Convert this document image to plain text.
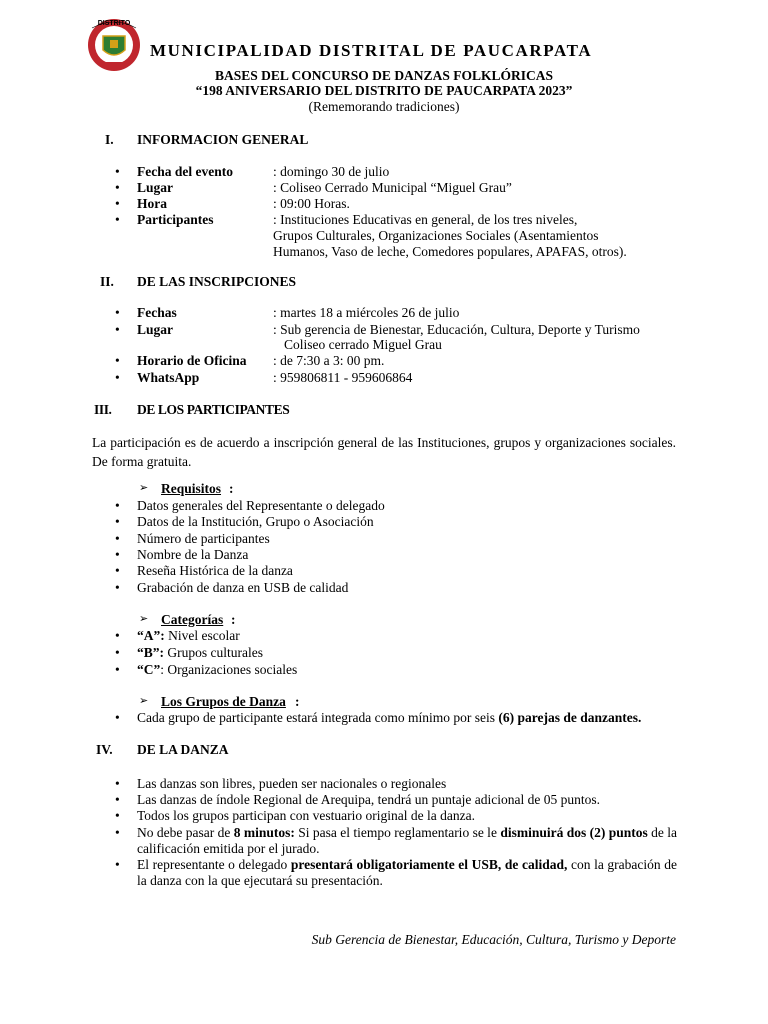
DISTRITO
MUNICIPALIDAD DISTRITAL DE PAUCARPATA
BASES DEL CONCURSO DE DANZAS FOLKLÓRICAS
“198 ANIVERSARIO DEL DISTRITO DE PAUCARPATA 2023”
(Rememorando tradiciones)
I. INFORMACION GENERAL
• Fecha del evento	: domingo 30 de julio
• Lugar	: Coliseo Cerrado Municipal “Miguel Grau”
• Hora	: 09:00 Horas.
• Participantes	: Instituciones Educativas en general, de los tres niveles,
Grupos Culturales, Organizaciones Sociales (Asentamientos
Humanos, Vaso de leche, Comedores populares, APAFAS, otros).
II. DE LAS INSCRIPCIONES
• Fechas	: martes 18 a miércoles 26 de julio
• Lugar	: Sub gerencia de Bienestar, Educación, Cultura, Deporte y Turismo
Coliseo cerrado Miguel Grau
• Horario de Oficina : de 7:30 a 3: 00 pm.
• WhatsApp	: 959806811 - 959606864
III. DE LOS PARTICIPANTES
La participación es de acuerdo a inscripción general de las Instituciones, grupos y organizaciones sociales. De forma gratuita.
➢ Requisitos :
• Datos generales del Representante o delegado
• Datos de la Institución, Grupo o Asociación
• Número de participantes
• Nombre de la Danza
• Reseña Histórica de la danza
• Grabación de danza en USB de calidad
➢ Categorías :
• “A”: Nivel escolar
• “B”: Grupos culturales
• “C”: Organizaciones sociales
➢ Los Grupos de Danza :
• Cada grupo de participante estará integrada como mínimo por seis (6) parejas de danzantes.
IV. DE LA DANZA
• Las danzas son libres, pueden ser nacionales o regionales
• Las danzas de índole Regional de Arequipa, tendrá un puntaje adicional de 05 puntos.
• Todos los grupos participan con vestuario original de la danza.
• No debe pasar de 8 minutos: Si pasa el tiempo reglamentario se le disminuirá dos (2) puntos de la calificación emitida por el jurado.
• El representante o delegado presentará obligatoriamente el USB, de calidad, con la grabación de la danza con la que ejecutará su presentación.
Sub Gerencia de Bienestar, Educación, Cultura, Turismo y Deporte
